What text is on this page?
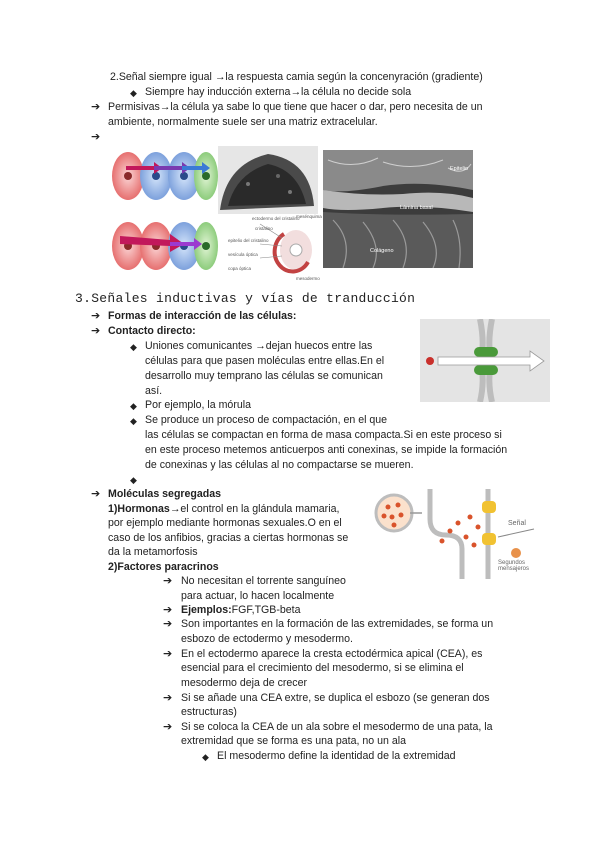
2.Señal siempre igual →la respuesta camia según la concenyración (gradiente)
◆ Siempre hay inducción externa→la célula no decide sola
➔ Permisivas→la célula ya sabe lo que tiene que hacer o dar, pero necesita de un
ambiente, normalmente suele ser una matriz extracelular.
➔
ectodermo del cristalino
mesénquima
cristalino
epitelio del cristalino
vesícula óptica
copa óptica
mesodermo
Epitelio
Lámina basal
Colágeno
3.Señales inductivas y vías de tranducción
➔ Formas de interacción de las células:
➔ Contacto directo:
◆ Uniones comunicantes →dejan huecos entre las
células para que pasen moléculas entre ellas.En el
desarrollo muy temprano las células se comunican
así.
◆ Por ejemplo, la mórula
◆ Se produce un proceso de compactación, en el que
las células se compactan en forma de masa compacta.Si en este proceso si
en este proceso metemos anticuerpos anti conexinas, se impide la formación
de conexinas y las células al no compactarse se mueren.
◆
➔ Moléculas segregadas
1)Hormonas→el control en la glándula mamaria,
por ejemplo mediante hormonas sexuales.O en el
caso de los anfibios, gracias a ciertas hormonas se
da la metamorfosis
2)Factores paracrinos
Señal
Segundos mensajeros
➔ No necesitan el torrente sanguíneo
para actuar, lo hacen localmente
➔ Ejemplos:FGF,TGB-beta
➔ Son importantes en la formación de las extremidades, se forma un
esbozo de ectodermo y mesodermo.
➔ En el ectodermo aparece la cresta ectodérmica apical (CEA), es
esencial para el crecimiento del mesodermo, si se elimina el
mesodermo deja de crecer
➔ Si se añade una CEA extre, se duplica el esbozo (se generan dos
estructuras)
➔ Si se coloca la CEA de un ala sobre el mesodermo de una pata, la
extremidad que se forma es una pata, no un ala
◆ El mesodermo define la identidad de la extremidad
